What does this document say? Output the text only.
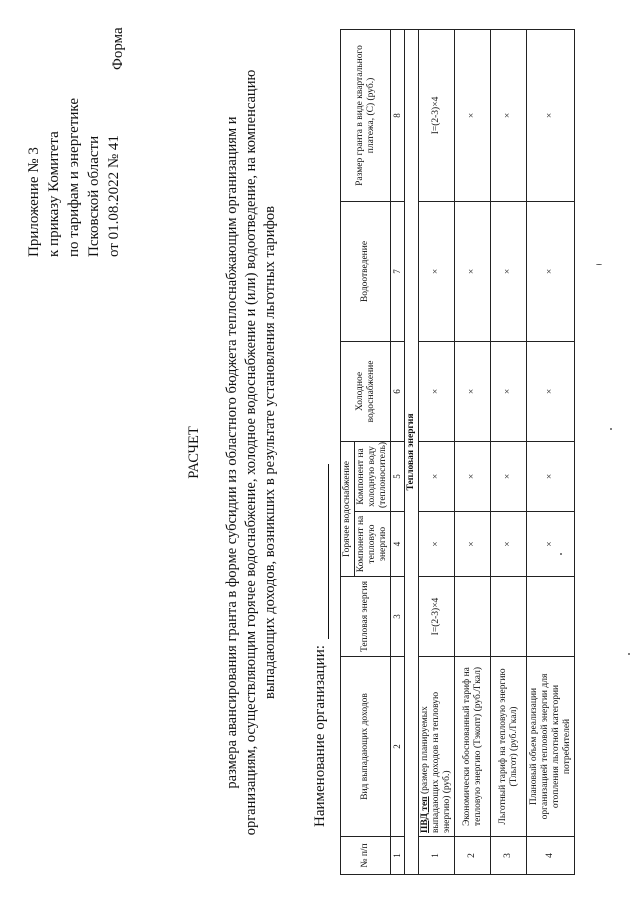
Приложение № 3 к приказу Комитета по тарифам и энергетике Псковской области от 01.08.2022 № 41
Форма
РАСЧЕТ размера авансирования гранта в форме субсидии из областного бюджета теплоснабжающим организациям и организациям, осуществляющим горячее водоснабжение, холодное водоснабжение и (или) водоотведение, на компенсацию выпадающих доходов, возникших в результате установления льготных тарифов
Наименование организации:
№ п/п	Вид выпадающих доходов	Тепловая энергия	Горячее водоснабжение		Холодное водоснабжение	Водоотведение	Размер гранта в виде квартального платежа, (С) (руб.)
			Компонент на тепловую энергию	Компонент на холодную воду (теплоноситель)			
1	2	3	4	5	6	7	8
Тепловая энергия							
1	ПВД теп (размер планируемых выпадающих доходов на тепловую энергию) (руб.)	I=(2-3)×4	×	×	×	×	I=(2-3)×4
2	Экономически обоснованный тариф на тепловую энергию (Тэкопт) (руб./Гкал)		×	×	×	×	×
3	Льготный тариф на тепловую энергию (Тльгот) (руб./Гкал)		×	×	×	×	×
4	Плановый объем реализации организацией тепловой энергии для отопления льготной категории потребителей		×	×	×	×	×
